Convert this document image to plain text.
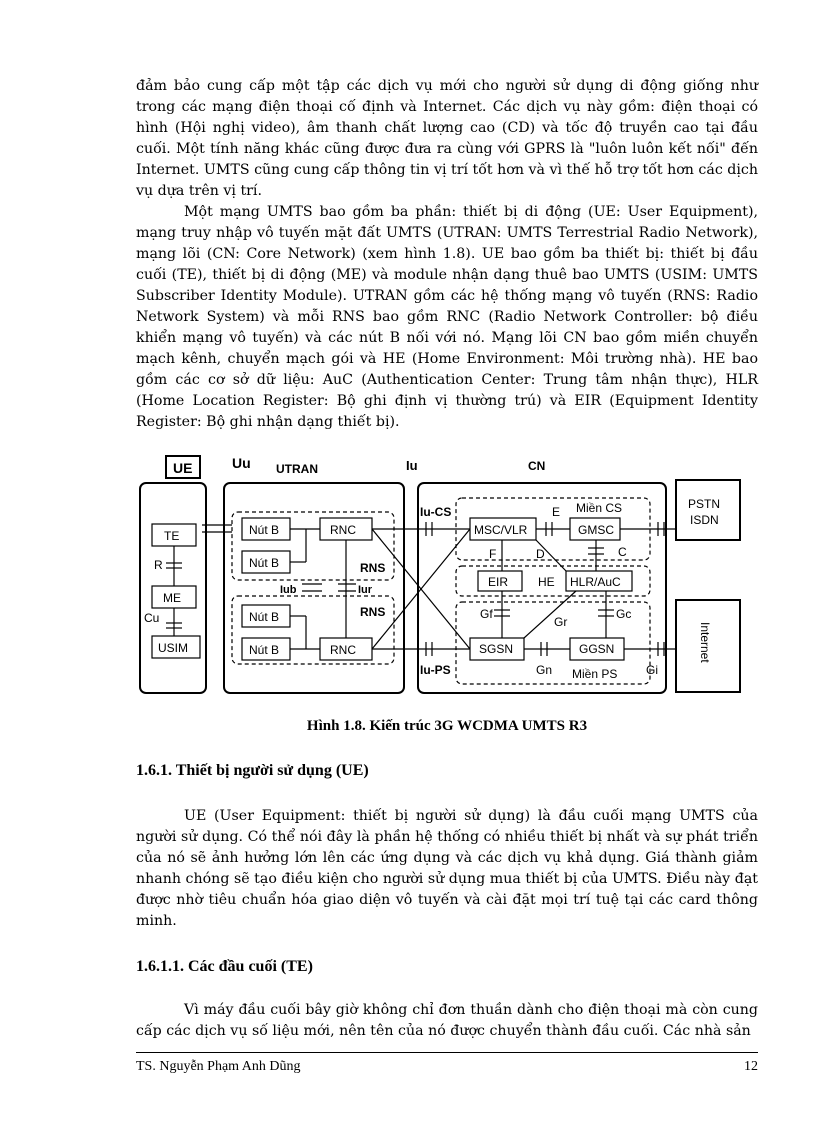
đảm bảo cung cấp một tập các dịch vụ mới cho người sử dụng di động giống như trong các mạng điện thoại cố định và Internet. Các dịch vụ này gồm: điện thoại có hình (Hội nghị video), âm thanh chất lượng cao (CD) và tốc độ truyền cao tại đầu cuối. Một tính năng khác cũng được đưa ra cùng với GPRS là "luôn luôn kết nối" đến Internet. UMTS cũng cung cấp thông tin vị trí tốt hơn và vì thế hỗ trợ tốt hơn các dịch vụ dựa trên vị trí.

Một mạng UMTS bao gồm ba phần: thiết bị di động (UE: User Equipment), mạng truy nhập vô tuyến mặt đất UMTS (UTRAN: UMTS Terrestrial Radio Network), mạng lõi (CN: Core Network) (xem hình 1.8). UE bao gồm ba thiết bị: thiết bị đầu cuối (TE), thiết bị di động (ME) và module nhận dạng thuê bao UMTS (USIM: UMTS Subscriber Identity Module). UTRAN gồm các hệ thống mạng vô tuyến (RNS: Radio Network System) và mỗi RNS bao gồm RNC (Radio Network Controller: bộ điều khiển mạng vô tuyến) và các nút B nối với nó. Mạng lõi CN bao gồm miền chuyển mạch kênh, chuyển mạch gói và HE (Home Environment: Môi trường nhà). HE bao gồm các cơ sở dữ liệu: AuC (Authentication Center: Trung tâm nhận thực), HLR (Home Location Register: Bộ ghi định vị thường trú) và EIR (Equipment Identity Register: Bộ ghi nhận dạng thiết bị).

UE	Uu UTRAN	Iu	CN
TE
R
ME
Cu
USIM
Nút B
Nút B
Nút B
Nút B
RNC
RNC
RNS
RNS
Iub	Iur
Iu-CS
Iu-PS
MSC/VLR	GMSC
Miền CS
E
C
F	D
EIR HE HLR/AuC
Gf
Gr
Gc
SGSN	GGSN
Gn Miền PS Gi
PSTN
ISDN
Internet

Hình 1.8. Kiến trúc 3G WCDMA UMTS R3

1.6.1. Thiết bị người sử dụng (UE)

UE (User Equipment: thiết bị người sử dụng) là đầu cuối mạng UMTS của người sử dụng. Có thể nói đây là phần hệ thống có nhiều thiết bị nhất và sự phát triển của nó sẽ ảnh hưởng lớn lên các ứng dụng và các dịch vụ khả dụng. Giá thành giảm nhanh chóng sẽ tạo điều kiện cho người sử dụng mua thiết bị của UMTS. Điều này đạt được nhờ tiêu chuẩn hóa giao diện vô tuyến và cài đặt mọi trí tuệ tại các card thông minh.

1.6.1.1. Các đầu cuối (TE)

Vì máy đầu cuối bây giờ không chỉ đơn thuần dành cho điện thoại mà còn cung cấp các dịch vụ số liệu mới, nên tên của nó được chuyển thành đầu cuối. Các nhà sản

TS. Nguyễn Phạm Anh Dũng	12
